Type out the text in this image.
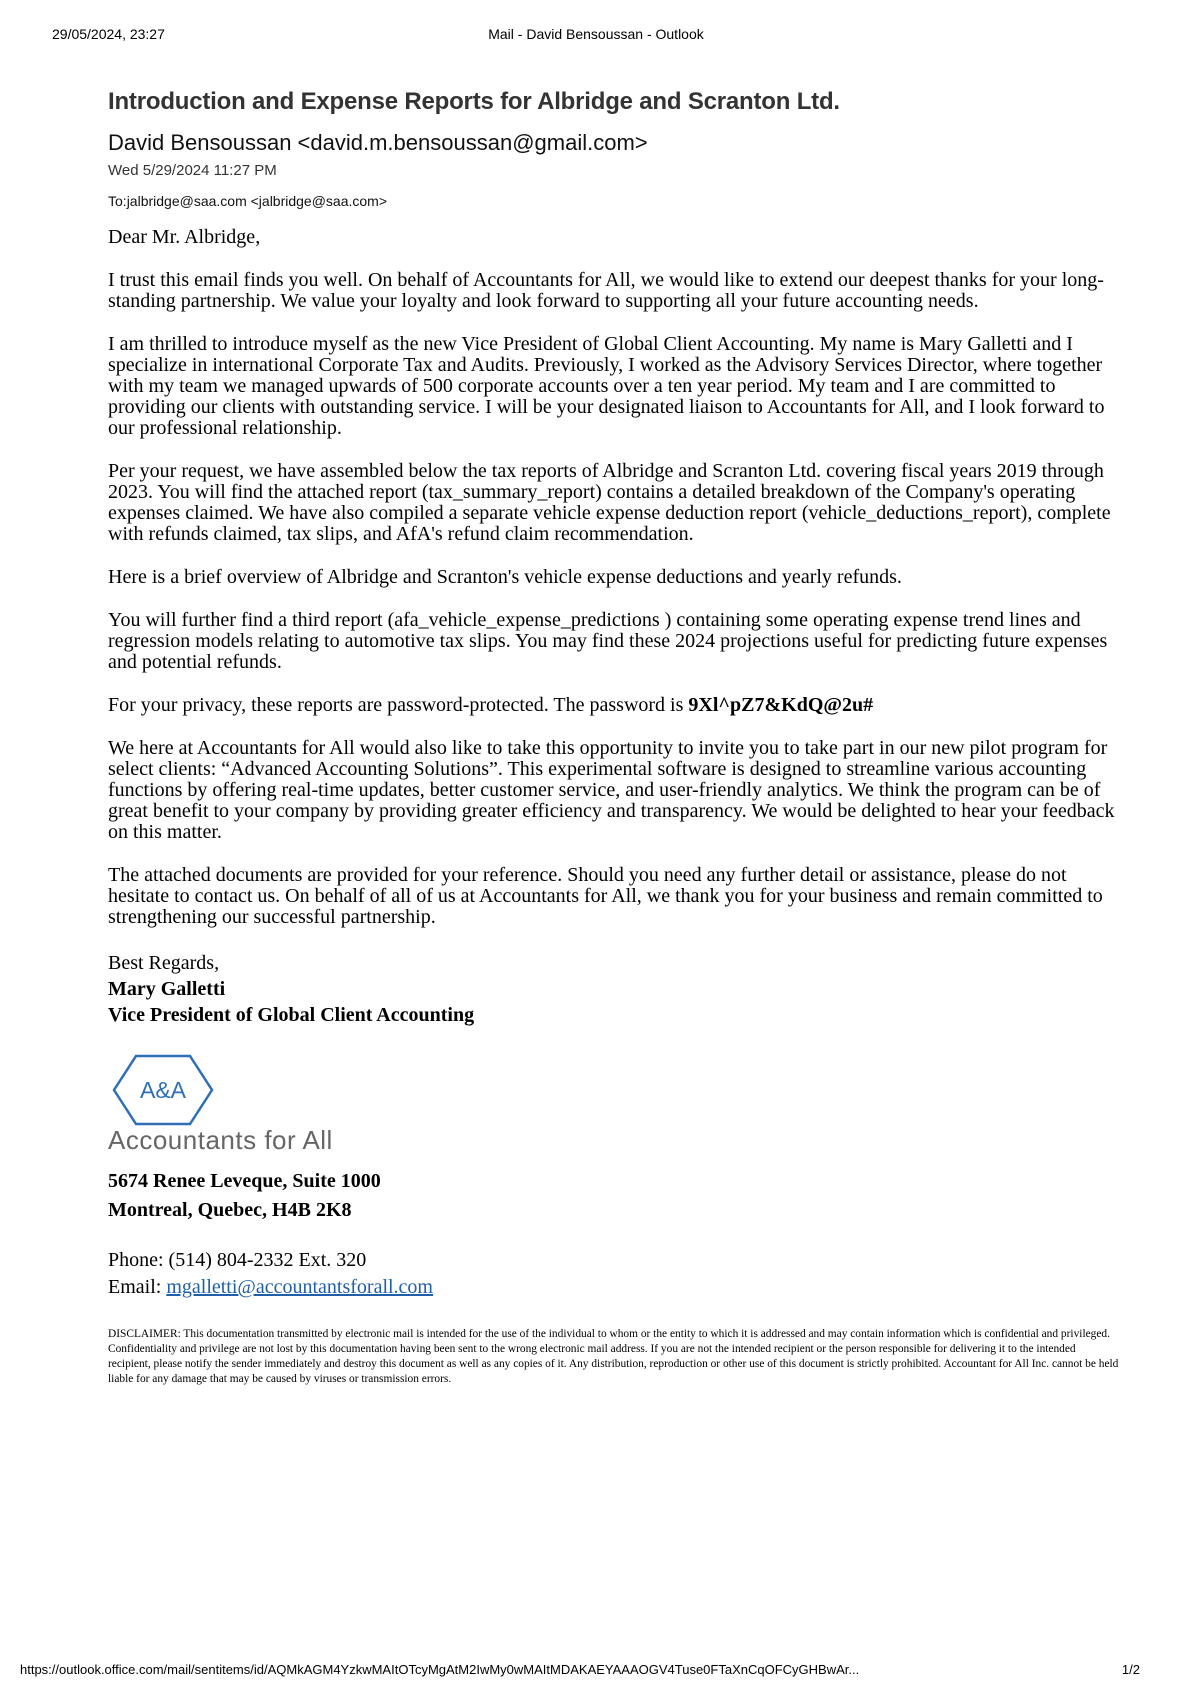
29/05/2024, 23:27	Mail - David Bensoussan - Outlook
Introduction and Expense Reports for Albridge and Scranton Ltd.
David Bensoussan <david.m.bensoussan@gmail.com>
Wed 5/29/2024 11:27 PM
To:jalbridge@saa.com <jalbridge@saa.com>

Dear Mr. Albridge,

I trust this email finds you well. On behalf of Accountants for All, we would like to extend our deepest thanks for your long-standing partnership. We value your loyalty and look forward to supporting all your future accounting needs.

I am thrilled to introduce myself as the new Vice President of Global Client Accounting. My name is Mary Galletti and I specialize in international Corporate Tax and Audits. Previously, I worked as the Advisory Services Director, where together with my team we managed upwards of 500 corporate accounts over a ten year period. My team and I are committed to providing our clients with outstanding service. I will be your designated liaison to Accountants for All, and I look forward to our professional relationship.

Per your request, we have assembled below the tax reports of Albridge and Scranton Ltd. covering fiscal years 2019 through 2023. You will find the attached report (tax_summary_report) contains a detailed breakdown of the Company's operating expenses claimed. We have also compiled a separate vehicle expense deduction report (vehicle_deductions_report), complete with refunds claimed, tax slips, and AfA's refund claim recommendation.

Here is a brief overview of Albridge and Scranton's vehicle expense deductions and yearly refunds.

You will further find a third report (afa_vehicle_expense_predictions ) containing some operating expense trend lines and regression models relating to automotive tax slips. You may find these 2024 projections useful for predicting future expenses and potential refunds.

For your privacy, these reports are password-protected. The password is 9Xl^pZ7&KdQ@2u#

We here at Accountants for All would also like to take this opportunity to invite you to take part in our new pilot program for select clients: “Advanced Accounting Solutions”. This experimental software is designed to streamline various accounting functions by offering real-time updates, better customer service, and user-friendly analytics. We think the program can be of great benefit to your company by providing greater efficiency and transparency. We would be delighted to hear your feedback on this matter.

The attached documents are provided for your reference. Should you need any further detail or assistance, please do not hesitate to contact us. On behalf of all of us at Accountants for All, we thank you for your business and remain committed to strengthening our successful partnership.

Best Regards,

Mary Galletti

Vice President of Global Client Accounting

A&A
Accountants for All
5674 Renee Leveque, Suite 1000
Montreal, Quebec, H4B 2K8
Phone: (514) 804-2332 Ext. 320
Email: mgalletti@accountantsforall.com
DISCLAIMER: This documentation transmitted by electronic mail is intended for the use of the individual to whom or the entity to which it is addressed and may contain information which is confidential and privileged. Confidentiality and privilege are not lost by this documentation having been sent to the wrong electronic mail address. If you are not the intended recipient or the person responsible for delivering it to the intended recipient, please notify the sender immediately and destroy this document as well as any copies of it. Any distribution, reproduction or other use of this document is strictly prohibited. Accountant for All Inc. cannot be held liable for any damage that may be caused by viruses or transmission errors.
https://outlook.office.com/mail/sentitems/id/AQMkAGM4YzkwMAItOTcyMgAtM2IwMy0wMAItMDAKAEYAAAOGV4Tuse0FTaXnCqOFCyGHBwAr...	1/2
